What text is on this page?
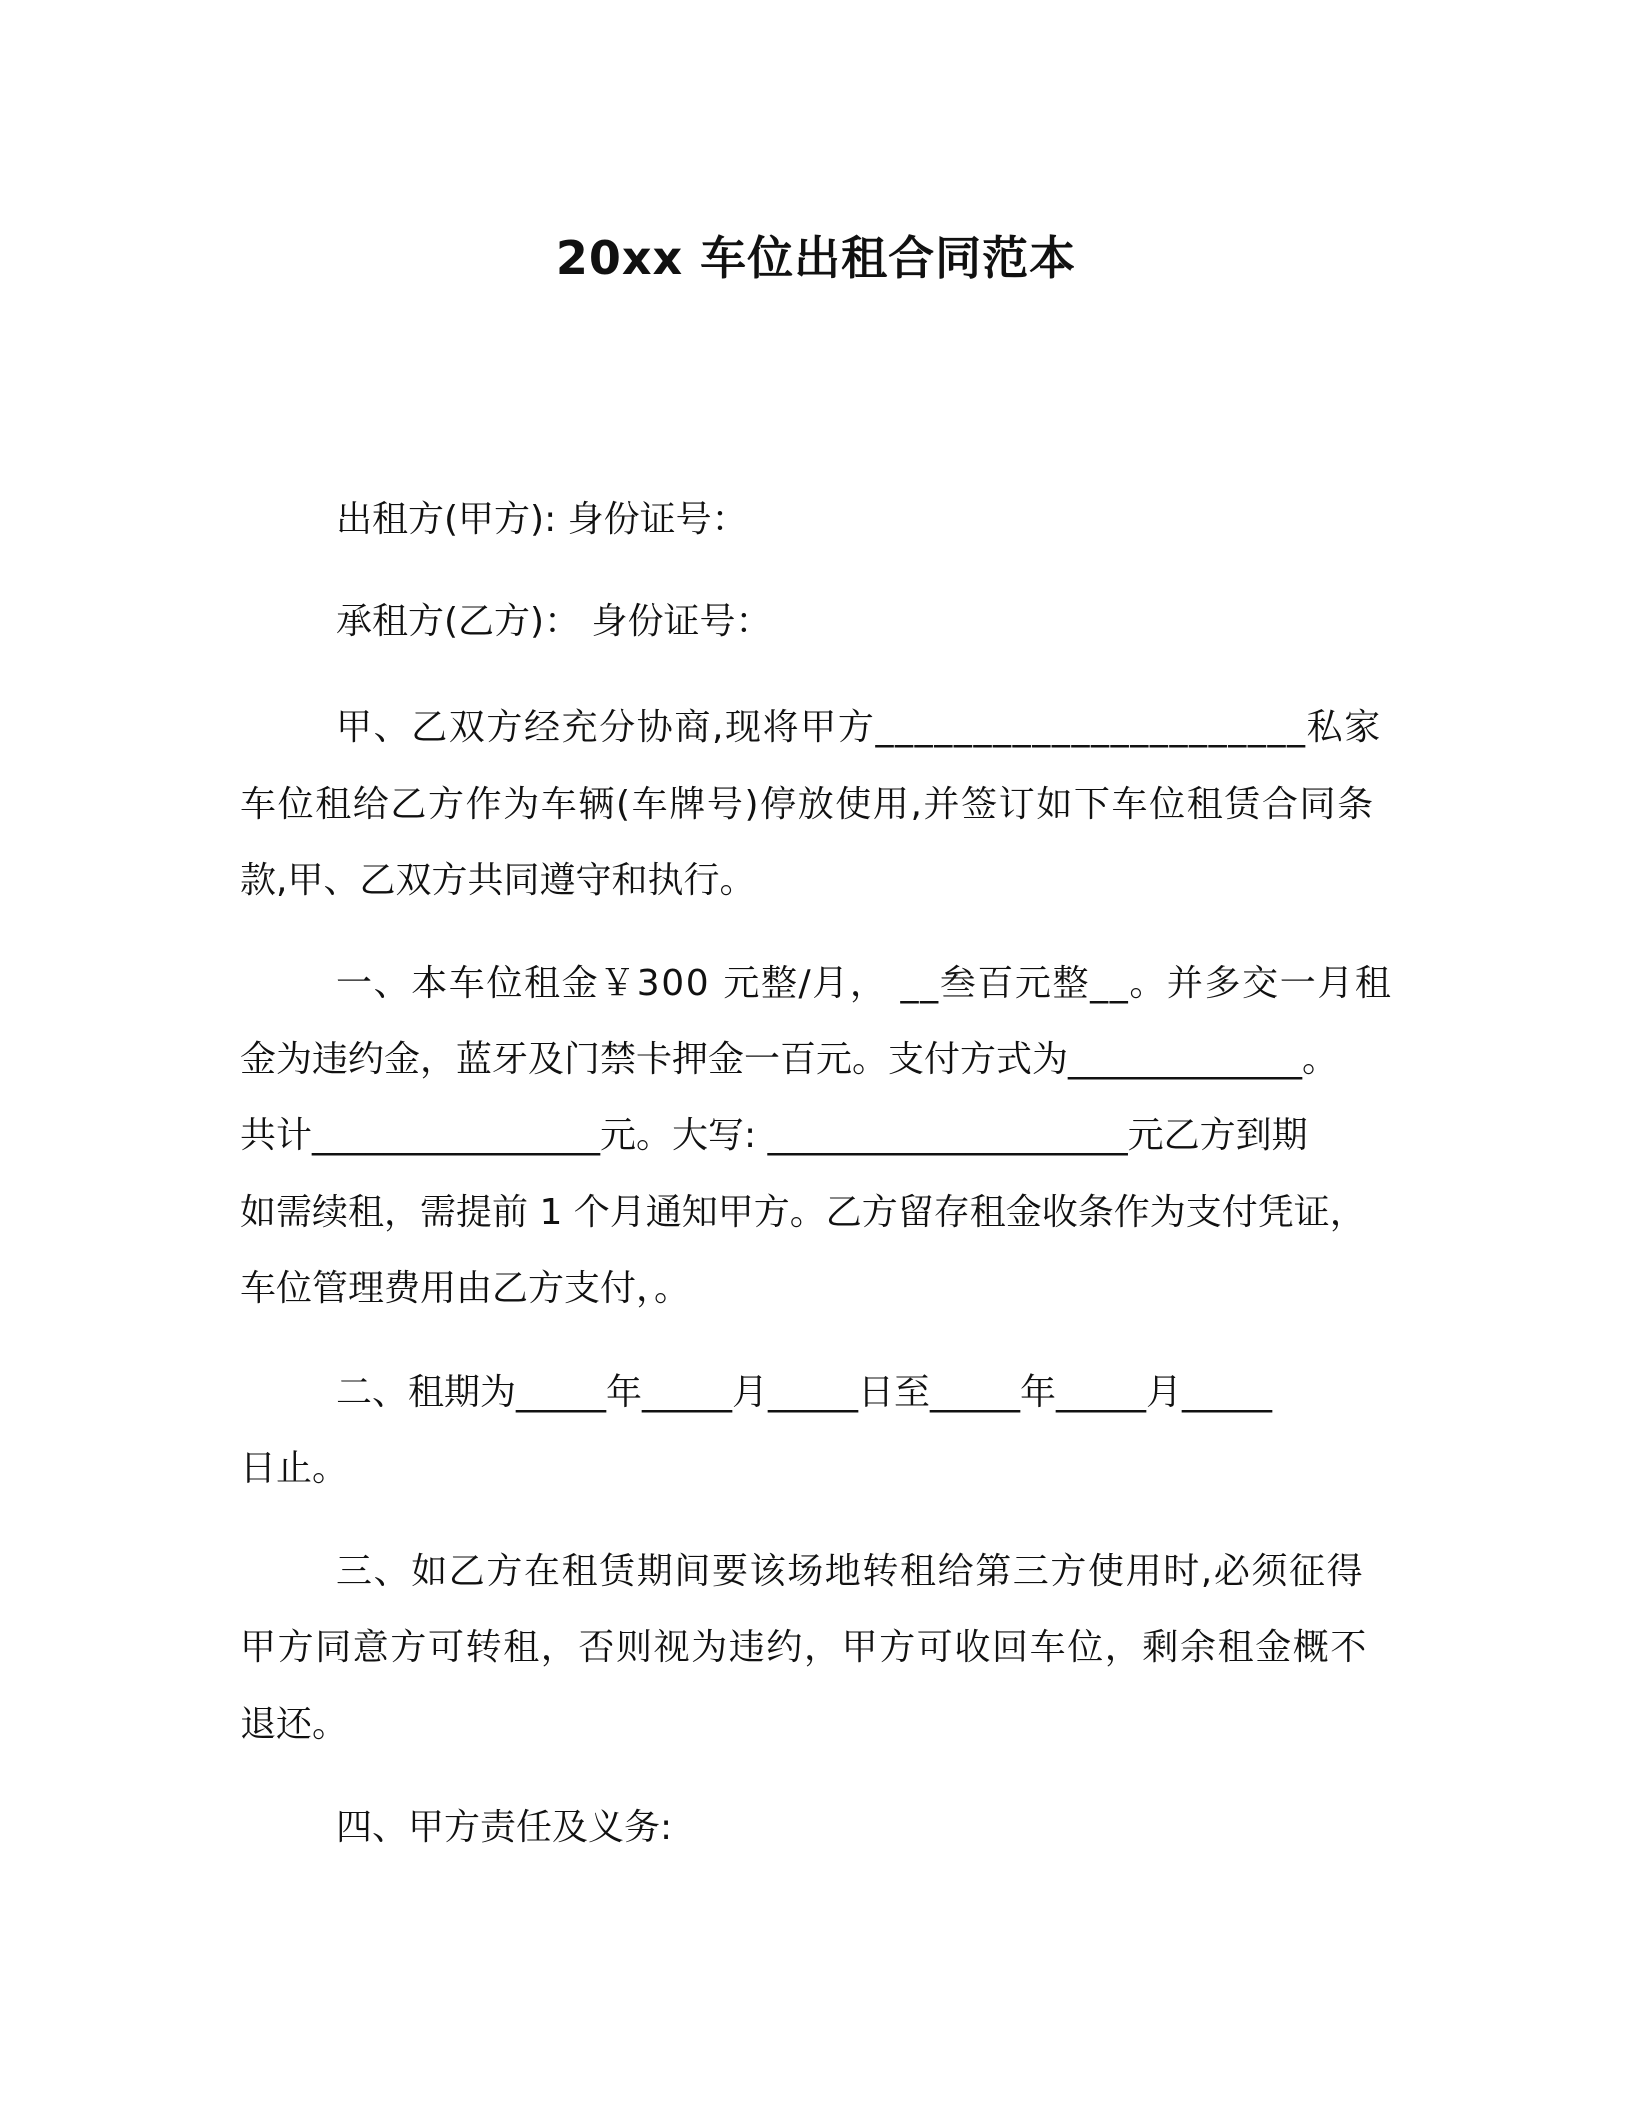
20xx 车位出租合同范本
出租方(甲方): 身份证号：
承租方(乙方)： 身份证号：
甲、乙双方经充分协商,现将甲方______________________私家
车位租给乙方作为车辆(车牌号)停放使用,并签订如下车位租赁合同条
款,甲、乙双方共同遵守和执行。
一、本车位租金￥300 元整/月， __叁百元整__。并多交一月租
金为违约金，蓝牙及门禁卡押金一百元。支付方式为_____________。
共计________________元。大写: ____________________元乙方到期
如需续租，需提前 1 个月通知甲方。乙方留存租金收条作为支付凭证，
车位管理费用由乙方支付，。
二、租期为_____年_____月_____日至_____年_____月_____
日止。
三、如乙方在租赁期间要该场地转租给第三方使用时,必须征得
甲方同意方可转租，否则视为违约，甲方可收回车位，剩余租金概不
退还。
四、甲方责任及义务:
